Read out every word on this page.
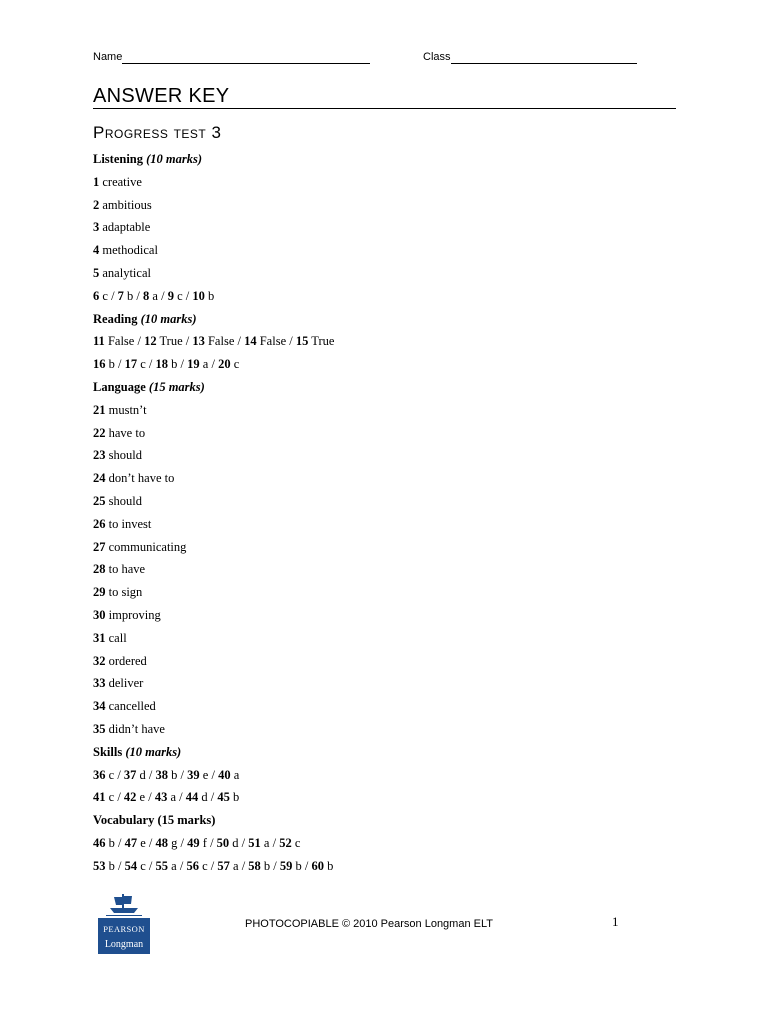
Name	Class
ANSWER KEY
Progress test 3
Listening (10 marks)
1 creative
2 ambitious
3 adaptable
4 methodical
5 analytical
6 c / 7 b / 8 a / 9 c / 10 b
Reading (10 marks)
11 False / 12 True / 13 False / 14 False / 15 True
16 b / 17 c / 18 b / 19 a / 20 c
Language (15 marks)
21 mustn’t
22 have to
23 should
24 don’t have to
25 should
26 to invest
27 communicating
28 to have
29 to sign
30 improving
31 call
32 ordered
33 deliver
34 cancelled
35 didn’t have
Skills (10 marks)
36 c / 37 d / 38 b / 39 e / 40 a
41 c / 42 e / 43 a / 44 d / 45 b
Vocabulary (15 marks)
46 b / 47 e / 48 g / 49 f / 50 d / 51 a / 52 c
53 b / 54 c / 55 a / 56 c / 57 a / 58 b / 59 b / 60 b
PEARSON
Longman
PHOTOCOPIABLE © 2010 Pearson Longman ELT	1
